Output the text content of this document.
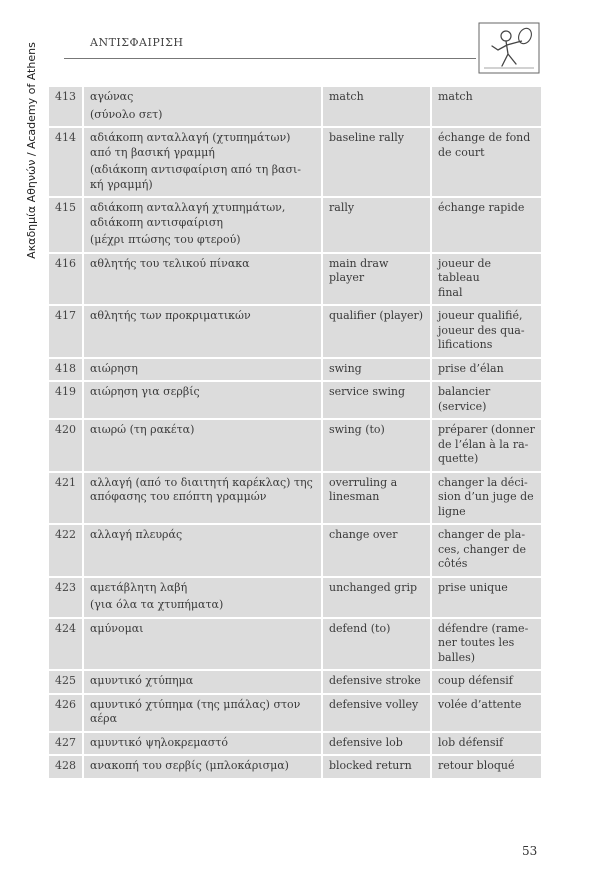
Ακαδημία Αθηνών / Academy of Athens	ΑΝΤΙΣΦΑΙΡΙΣΗ
413	αγώνας
(σύνολο σετ)	match	match

414	αδιάκοπη ανταλλαγή (χτυπημάτων)
από τη βασική γραμμή
(αδιάκοπη αντισφαίριση από τη βασι-
κή γραμμή)	baseline rally	échange de fond
de court

415	αδιάκοπη ανταλλαγή χτυπημάτων,
αδιάκοπη αντισφαίριση
(μέχρι πτώσης του φτερού)	rally	échange rapide

416	αθλητής του τελικού πίνακα	main draw player	joueur de tableau
final

417	αθλητής των προκριματικών	qualifier (player)	joueur qualifié,
joueur des qua-
lifications

418	αιώρηση	swing	prise d’élan

419	αιώρηση για σερβίς	service swing	balancier
(service)

420	αιωρώ (τη ρακέτα)	swing (to)	préparer (donner
de l’élan à la ra-
quette)

421	αλλαγή (από το διαιτητή καρέκλας) της
απόφασης του επόπτη γραμμών	overruling a
linesman	changer la déci-
sion d’un juge de
ligne

422	αλλαγή πλευράς	change over	changer de pla-
ces, changer de
côtés

423	αμετάβλητη λαβή
(για όλα τα χτυπήματα)	unchanged grip	prise unique

424	αμύνομαι	defend (to)	défendre (rame-
ner toutes les
balles)

425	αμυντικό χτύπημα	defensive stroke	coup défensif

426	αμυντικό χτύπημα (της μπάλας) στον
αέρα	defensive volley	volée d’attente

427	αμυντικό ψηλοκρεμαστό	defensive lob	lob défensif

428	ανακοπή του σερβίς (μπλοκάρισμα)	blocked return	retour bloqué
53
